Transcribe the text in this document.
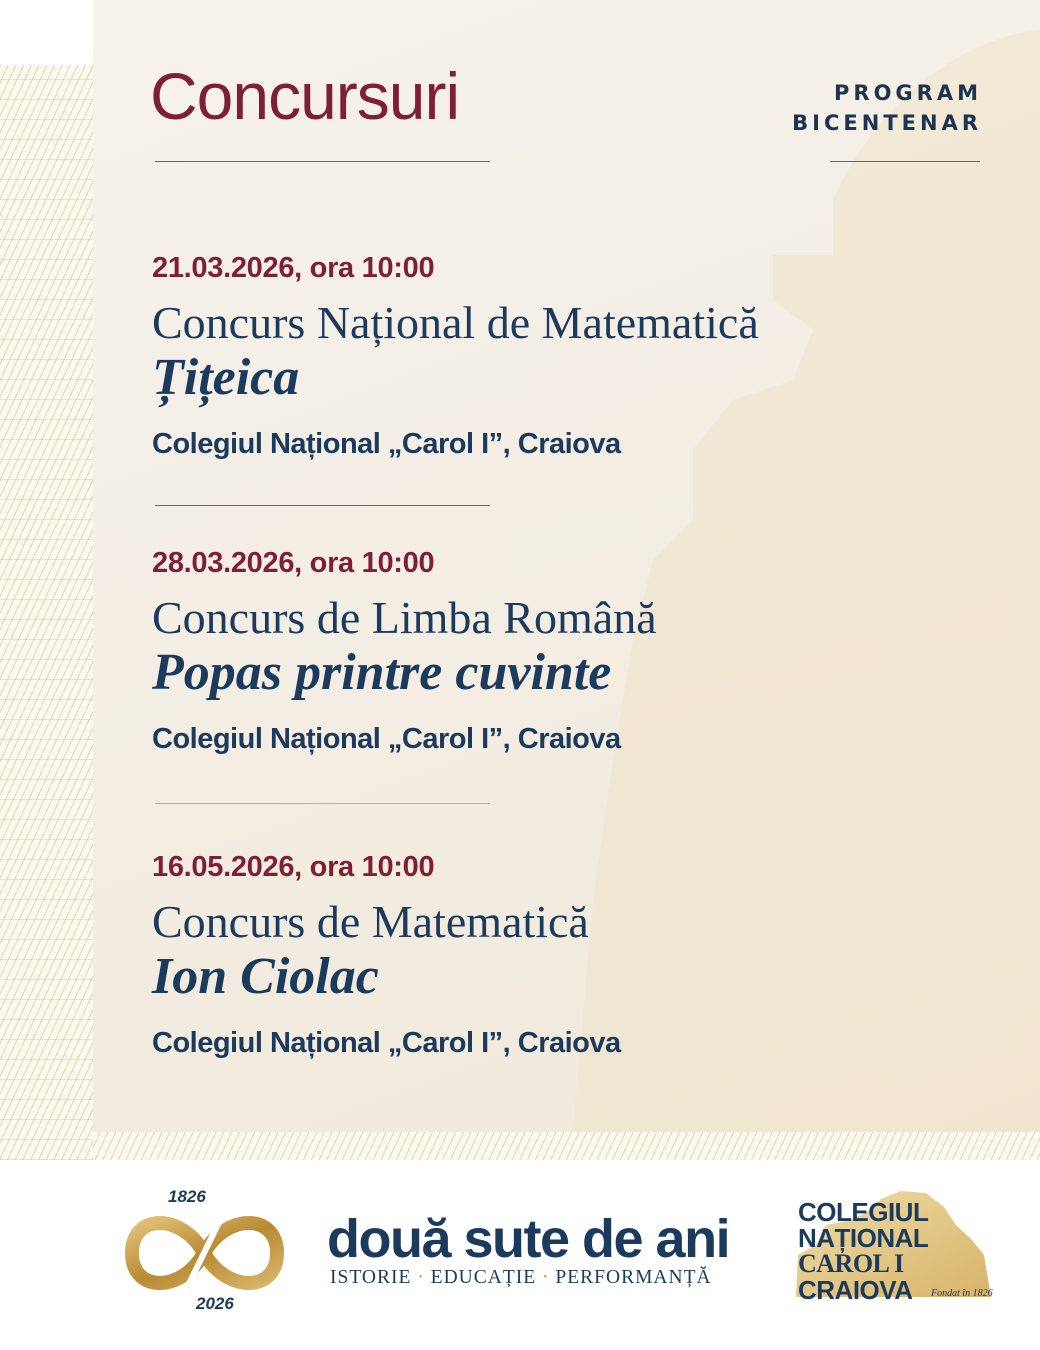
Concursuri	PROGRAM
BICENTENAR
21.03.2026, ora 10:00
Concurs Național de Matematică
Țițeica
Colegiul Național „Carol I”, Craiova
28.03.2026, ora 10:00
Concurs de Limba Română
Popas printre cuvinte
Colegiul Național „Carol I”, Craiova
16.05.2026, ora 10:00
Concurs de Matematică
Ion Ciolac
Colegiul Național „Carol I”, Craiova
1826
2026
două sute de ani
ISTORIE · EDUCAȚIE · PERFORMANȚĂ
COLEGIUL
NAȚIONAL
CAROL I
CRAIOVA Fondat în 1826
